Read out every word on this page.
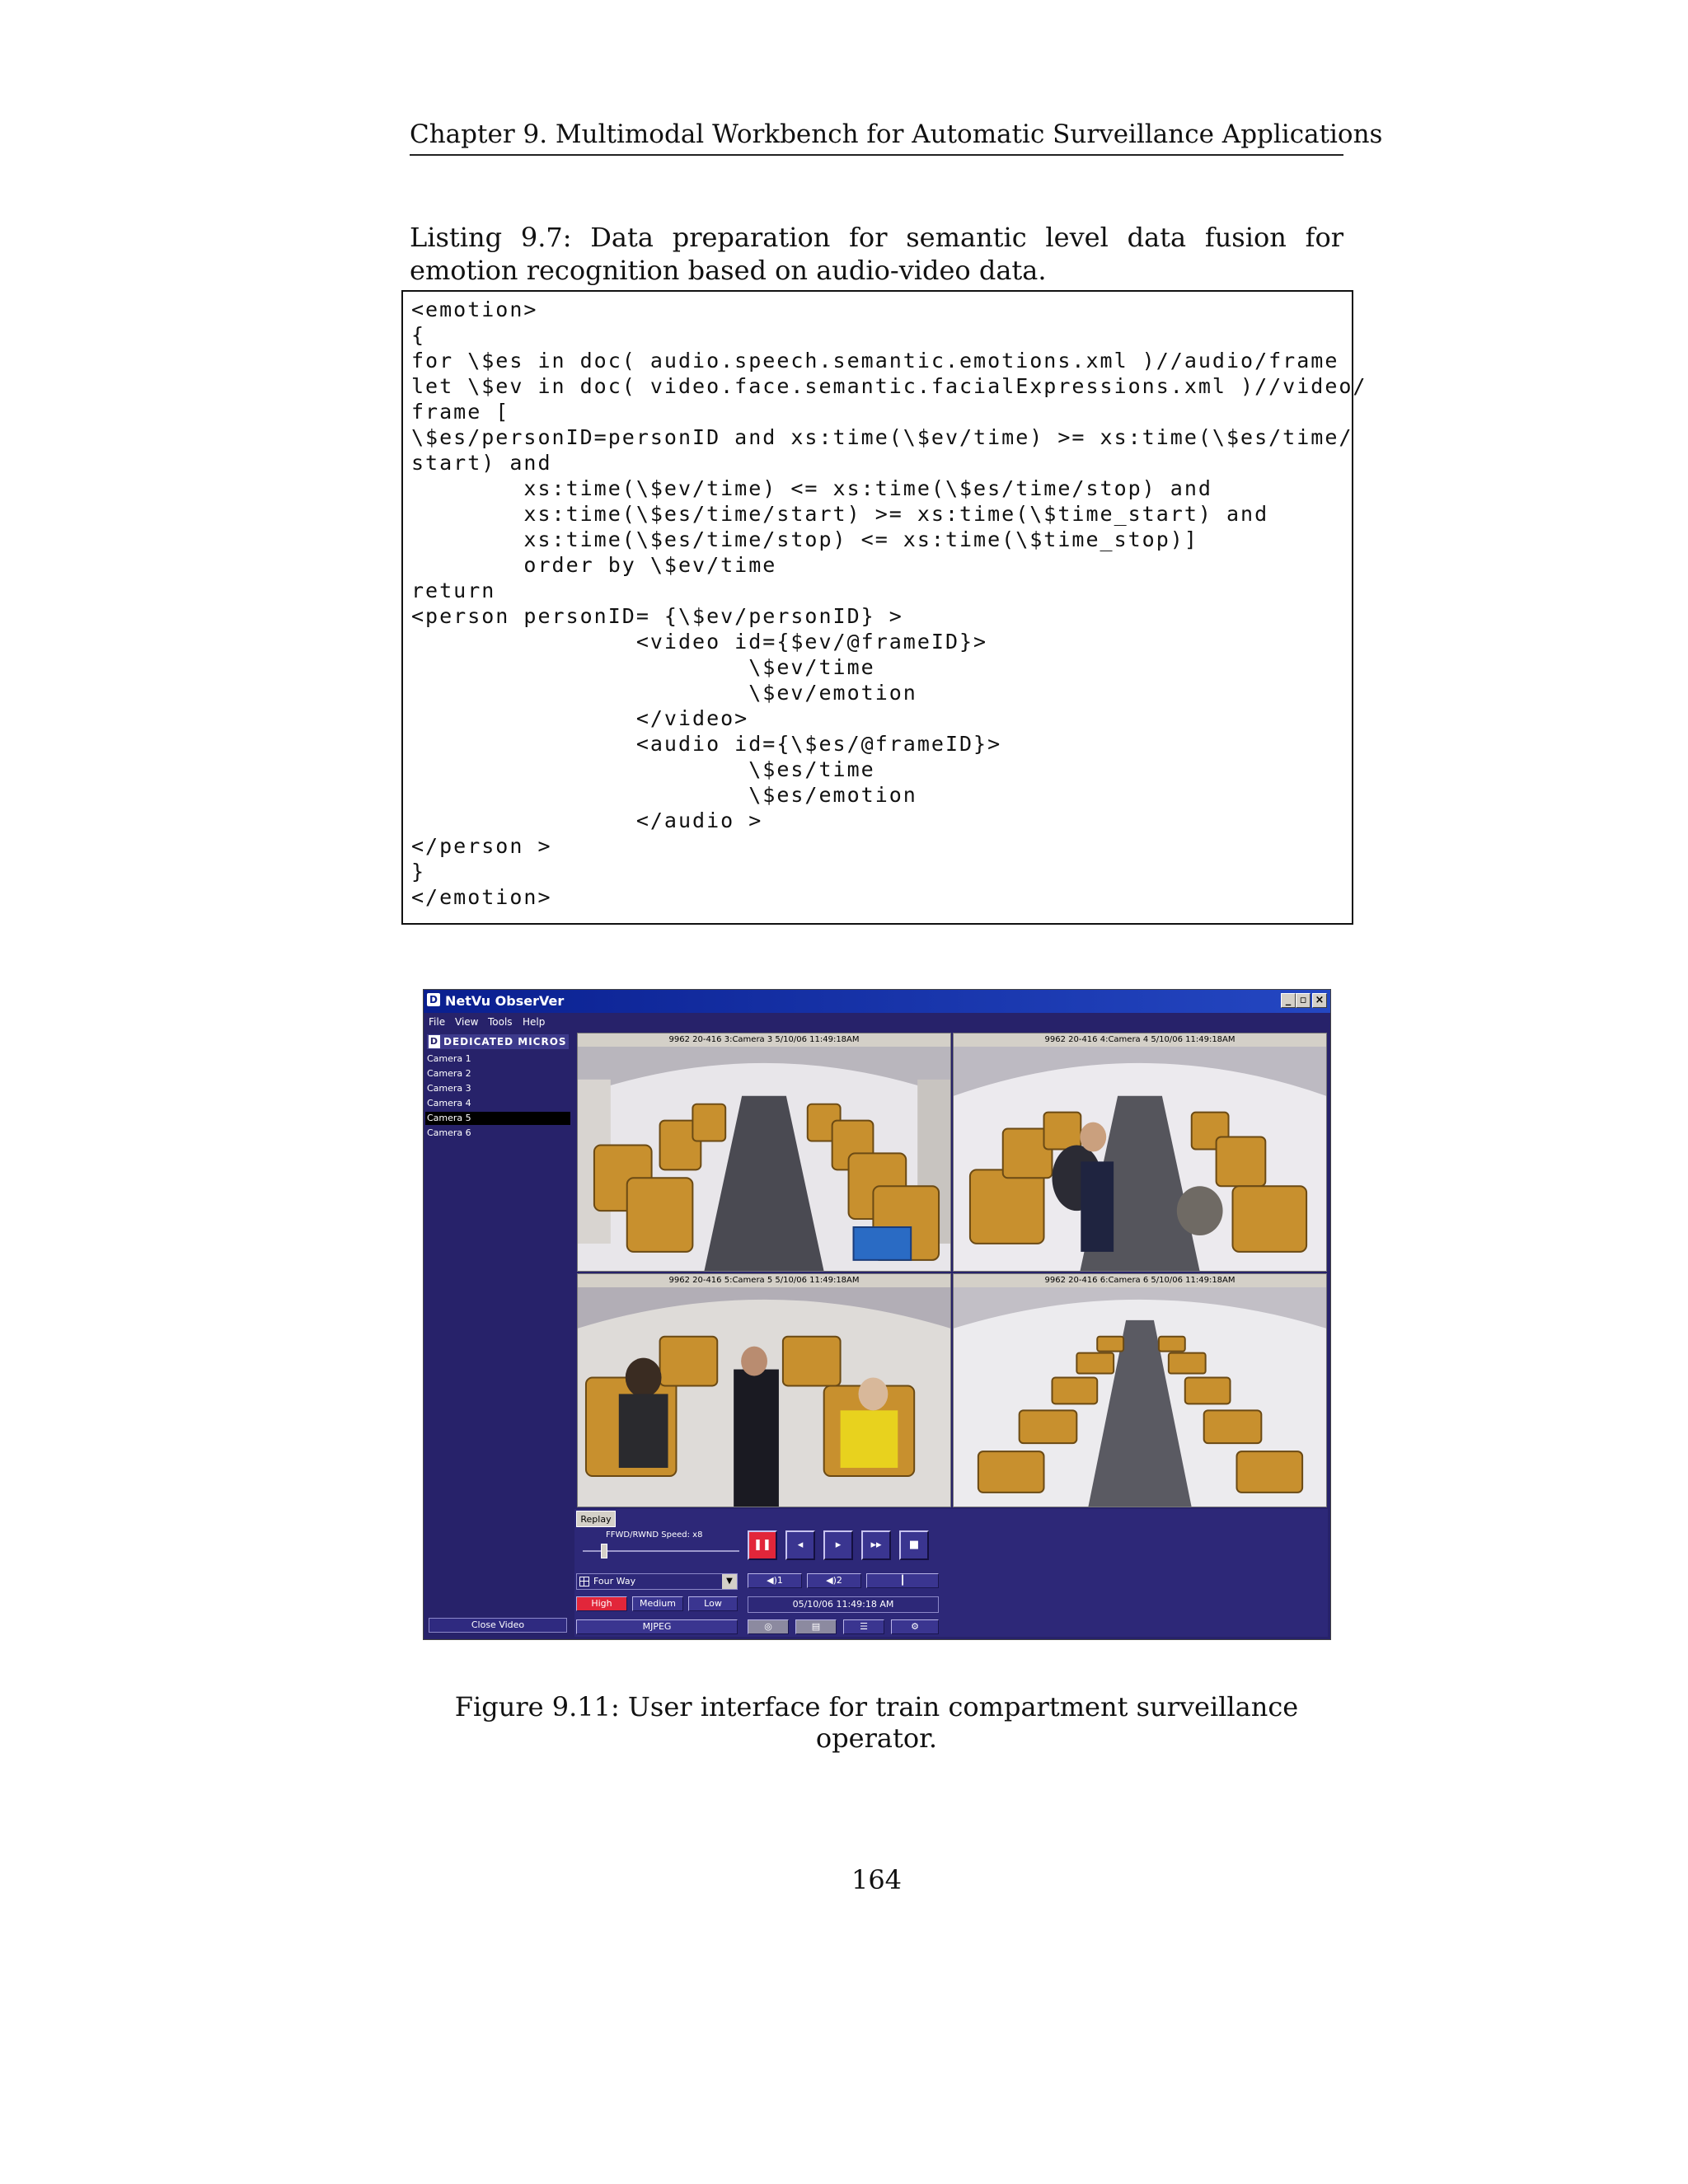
Chapter 9. Multimodal Workbench for Automatic Surveillance Applications
Listing 9.7: Data preparation for semantic level data fusion for emotion recognition based on audio-video data.
<emotion>
{
for \$es in doc( audio.speech.semantic.emotions.xml )//audio/frame
let \$ev in doc( video.face.semantic.facialExpressions.xml )//video/
frame [
\$es/personID=personID and xs:time(\$ev/time) >= xs:time(\$es/time/
start) and
xs:time(\$ev/time) <= xs:time(\$es/time/stop) and
xs:time(\$es/time/start) >= xs:time(\$time_start) and
xs:time(\$es/time/stop) <= xs:time(\$time_stop)]
order by \$ev/time
return
<person personID= {\$ev/personID} >
<video id={$ev/@frameID}>
\$ev/time
\$ev/emotion
</video>
<audio id={\$es/@frameID}>
\$es/time
\$es/emotion
</audio >
</person >
}
</emotion>
D NetVu ObserVer	_ ▫ ×
File View Tools Help
D DEDICATED MICROS
Camera 1
Camera 2
Camera 3
Camera 4
Camera 5
Camera 6
Close Video
9962 20-416 3:Camera 3 5/10/06 11:49:18AM	9962 20-416 4:Camera 4 5/10/06 11:49:18AM
9962 20-416 5:Camera 5 5/10/06 11:49:18AM	9962 20-416 6:Camera 6 5/10/06 11:49:18AM
Replay
FFWD/RWND Speed: x8
❚❚	◂	▸	▸▸	■
Four Way	▼	◀)1	◀)2	┃
High	Medium	Low	05/10/06 11:49:18 AM
MJPEG	◎	▤	☰	⚙
Figure 9.11: User interface for train compartment surveillance operator.
164
